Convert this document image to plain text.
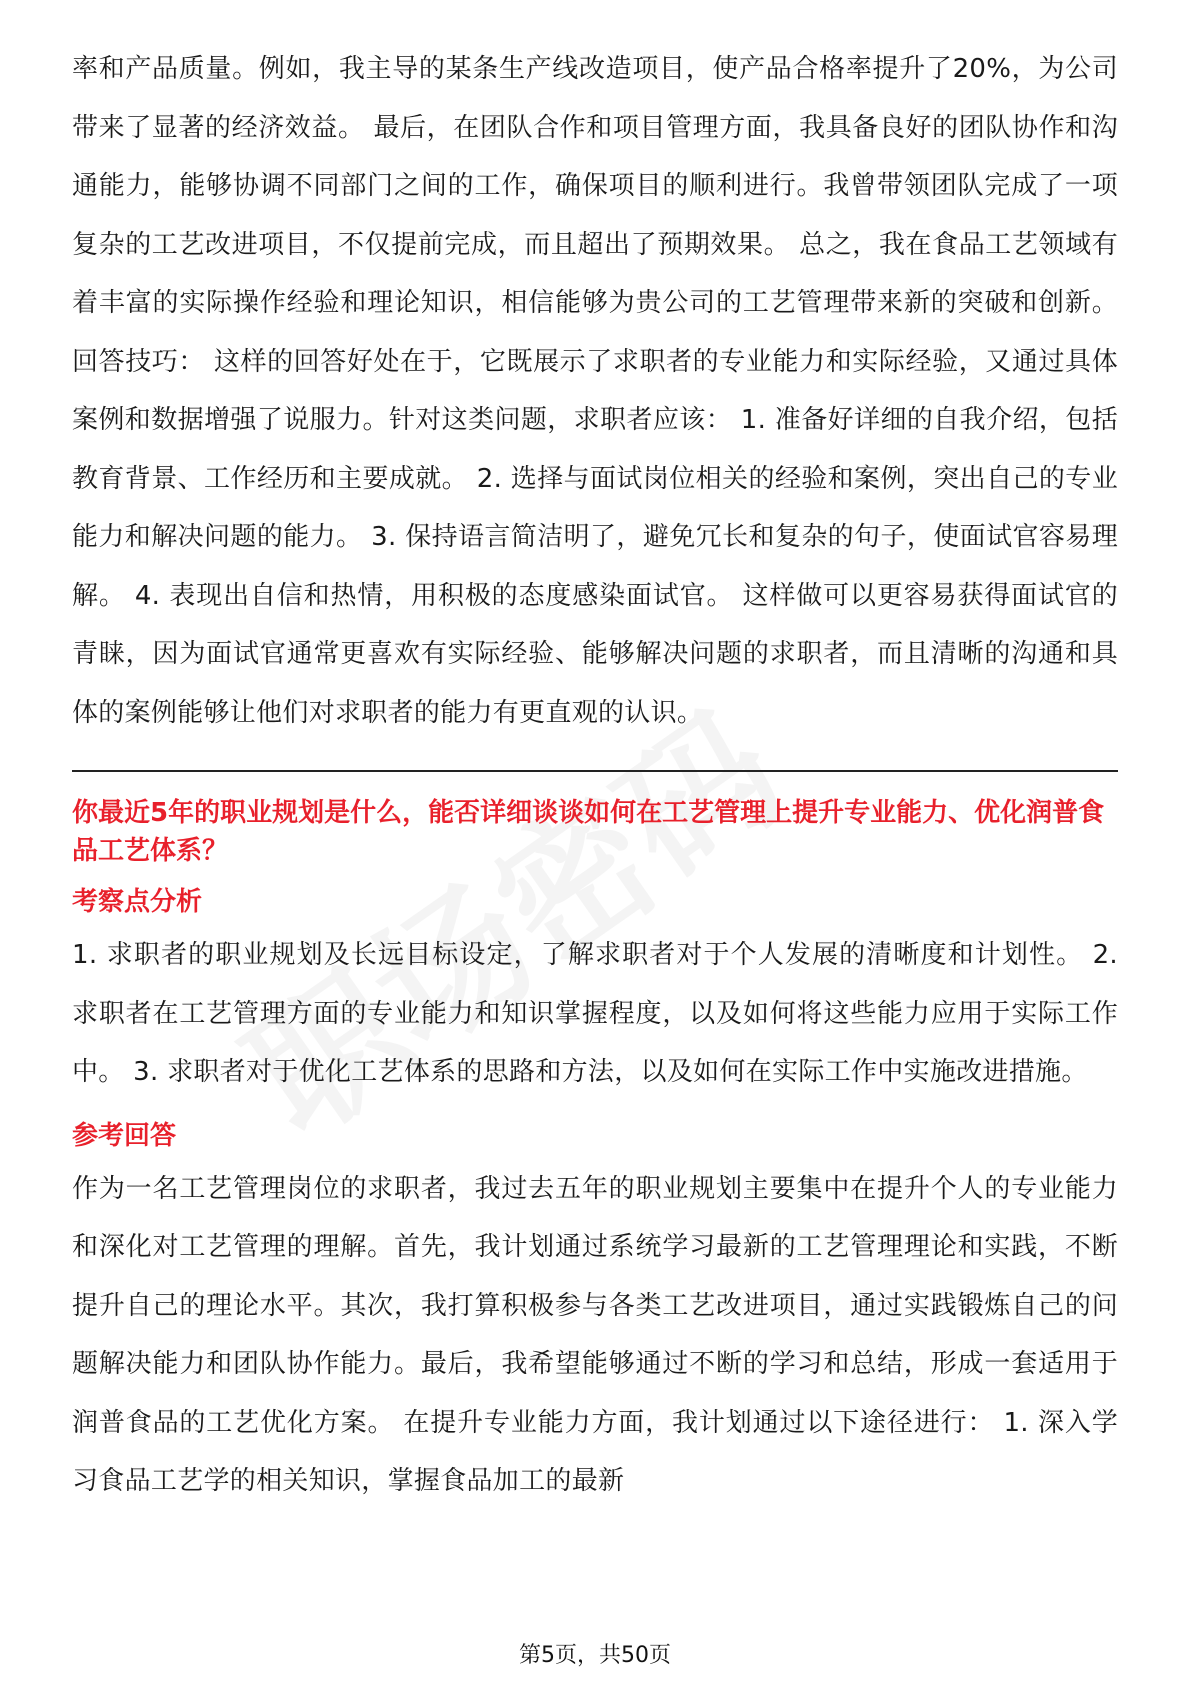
率和产品质量。例如，我主导的某条生产线改造项目，使产品合格率提升了20%，为公司带来了显著的经济效益。 最后，在团队合作和项目管理方面，我具备良好的团队协作和沟通能力，能够协调不同部门之间的工作，确保项目的顺利进行。我曾带领团队完成了一项复杂的工艺改进项目，不仅提前完成，而且超出了预期效果。 总之，我在食品工艺领域有着丰富的实际操作经验和理论知识，相信能够为贵公司的工艺管理带来新的突破和创新。 回答技巧： 这样的回答好处在于，它既展示了求职者的专业能力和实际经验，又通过具体案例和数据增强了说服力。针对这类问题，求职者应该： 1. 准备好详细的自我介绍，包括教育背景、工作经历和主要成就。 2. 选择与面试岗位相关的经验和案例，突出自己的专业能力和解决问题的能力。 3. 保持语言简洁明了，避免冗长和复杂的句子，使面试官容易理解。 4. 表现出自信和热情，用积极的态度感染面试官。 这样做可以更容易获得面试官的青睐，因为面试官通常更喜欢有实际经验、能够解决问题的求职者，而且清晰的沟通和具体的案例能够让他们对求职者的能力有更直观的认识。

你最近5年的职业规划是什么，能否详细谈谈如何在工艺管理上提升专业能力、优化润普食品工艺体系？
考察点分析

1. 求职者的职业规划及长远目标设定，了解求职者对于个人发展的清晰度和计划性。 2. 求职者在工艺管理方面的专业能力和知识掌握程度，以及如何将这些能力应用于实际工作中。 3. 求职者对于优化工艺体系的思路和方法，以及如何在实际工作中实施改进措施。

参考回答

作为一名工艺管理岗位的求职者，我过去五年的职业规划主要集中在提升个人的专业能力和深化对工艺管理的理解。首先，我计划通过系统学习最新的工艺管理理论和实践，不断提升自己的理论水平。其次，我打算积极参与各类工艺改进项目，通过实践锻炼自己的问题解决能力和团队协作能力。最后，我希望能够通过不断的学习和总结，形成一套适用于润普食品的工艺优化方案。 在提升专业能力方面，我计划通过以下途径进行： 1. 深入学习食品工艺学的相关知识，掌握食品加工的最新

第5页，共50页
